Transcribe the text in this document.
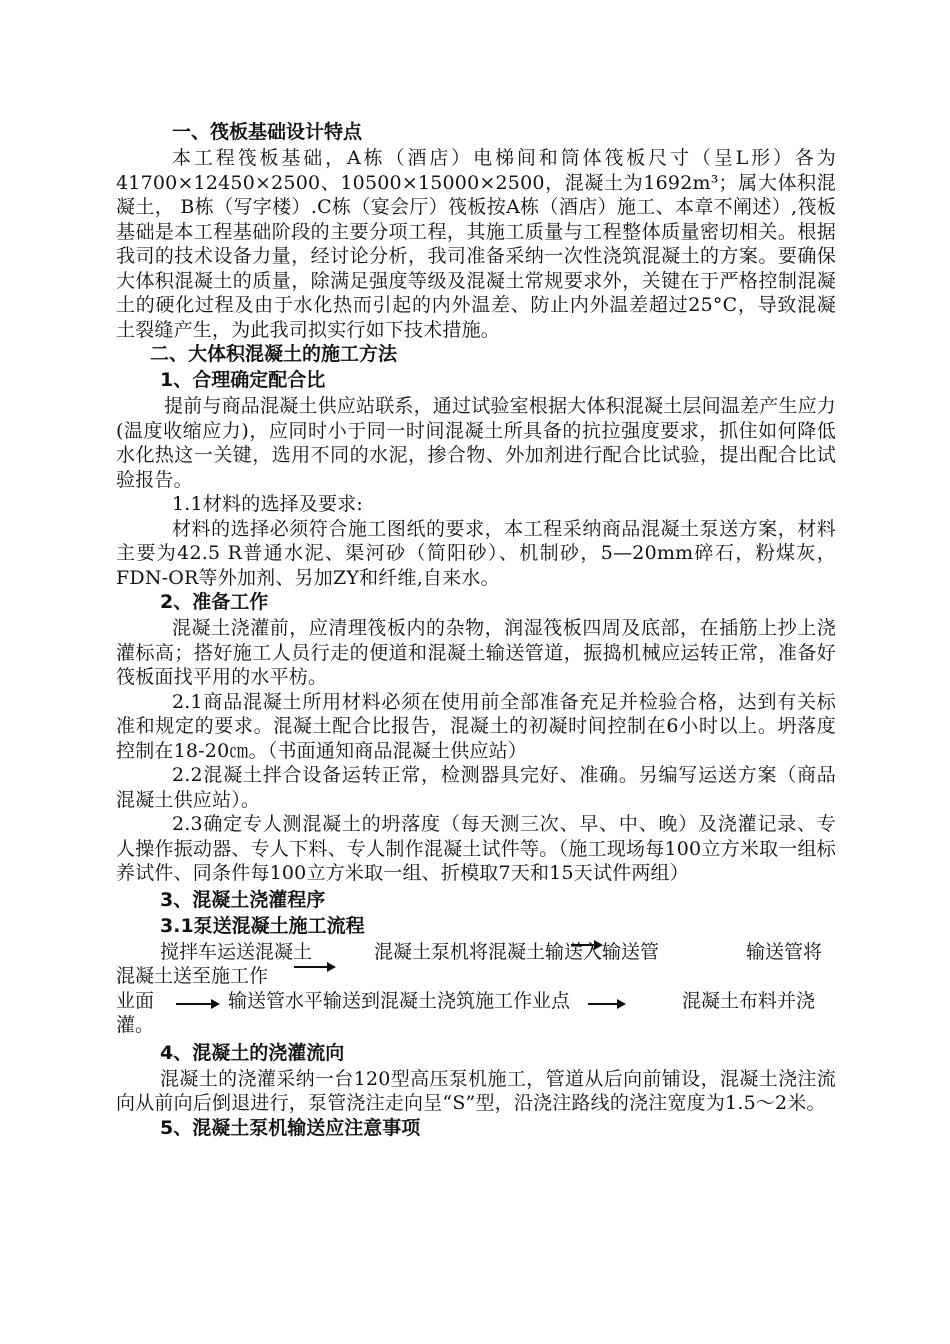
一、筏板基础设计特点

本工程筏板基础，A栋（酒店）电梯间和筒体筏板尺寸（呈L形）各为41700×12450×2500、10500×15000×2500，混凝土为1692m³；属大体积混凝土， B栋（写字楼）.C栋（宴会厅）筏板按A栋（酒店）施工、本章不阐述）,筏板基础是本工程基础阶段的主要分项工程，其施工质量与工程整体质量密切相关。根据我司的技术设备力量，经讨论分析，我司准备采纳一次性浇筑混凝土的方案。要确保大体积混凝土的质量，除满足强度等级及混凝土常规要求外，关键在于严格控制混凝土的硬化过程及由于水化热而引起的内外温差、防止内外温差超过25°C，导致混凝土裂缝产生，为此我司拟实行如下技术措施。

二、大体积混凝土的施工方法
1、合理确定配合比

提前与商品混凝土供应站联系，通过试验室根据大体积混凝土层间温差产生应力(温度收缩应力)，应同时小于同一时间混凝土所具备的抗拉强度要求，抓住如何降低水化热这一关键，选用不同的水泥，掺合物、外加剂进行配合比试验，提出配合比试验报告。

1.1材料的选择及要求:

材料的选择必须符合施工图纸的要求，本工程采纳商品混凝土泵送方案，材料主要为42.5 R普通水泥、渠河砂（简阳砂）、机制砂，5—20mm碎石，粉煤灰，FDN-OR等外加剂、另加ZY和纤维,自来水。

2、准备工作

混凝土浇灌前，应清理筏板内的杂物，润湿筏板四周及底部，在插筋上抄上浇灌标高；搭好施工人员行走的便道和混凝土输送管道，振捣机械应运转正常，准备好筏板面找平用的水平枋。

2.1商品混凝土所用材料必须在使用前全部准备充足并检验合格，达到有关标准和规定的要求。混凝土配合比报告，混凝土的初凝时间控制在6小时以上。坍落度控制在18-20㎝。（书面通知商品混凝土供应站）

2.2混凝土拌合设备运转正常，检测器具完好、准确。另编写运送方案（商品混凝土供应站）。

2.3确定专人测混凝土的坍落度（每天测三次、早、中、晚）及浇灌记录、专人操作振动器、专人下料、专人制作混凝土试件等。（施工现场每100立方米取一组标养试件、同条件每100立方米取一组、折模取7天和15天试件两组）

3、混凝土浇灌程序
3.1泵送混凝土施工流程
搅拌车运送混凝土	混凝土泵机将混凝土输送入输送管	输送管将
混凝土送至施工作
业面	输送管水平输送到混凝土浇筑施工作业点	混凝土布料并浇
灌。
4、混凝土的浇灌流向

混凝土的浇灌采纳一台120型高压泵机施工，管道从后向前铺设，混凝土浇注流向从前向后倒退进行，泵管浇注走向呈“S”型，沿浇注路线的浇注宽度为1.5～2米。

5、混凝土泵机输送应注意事项
